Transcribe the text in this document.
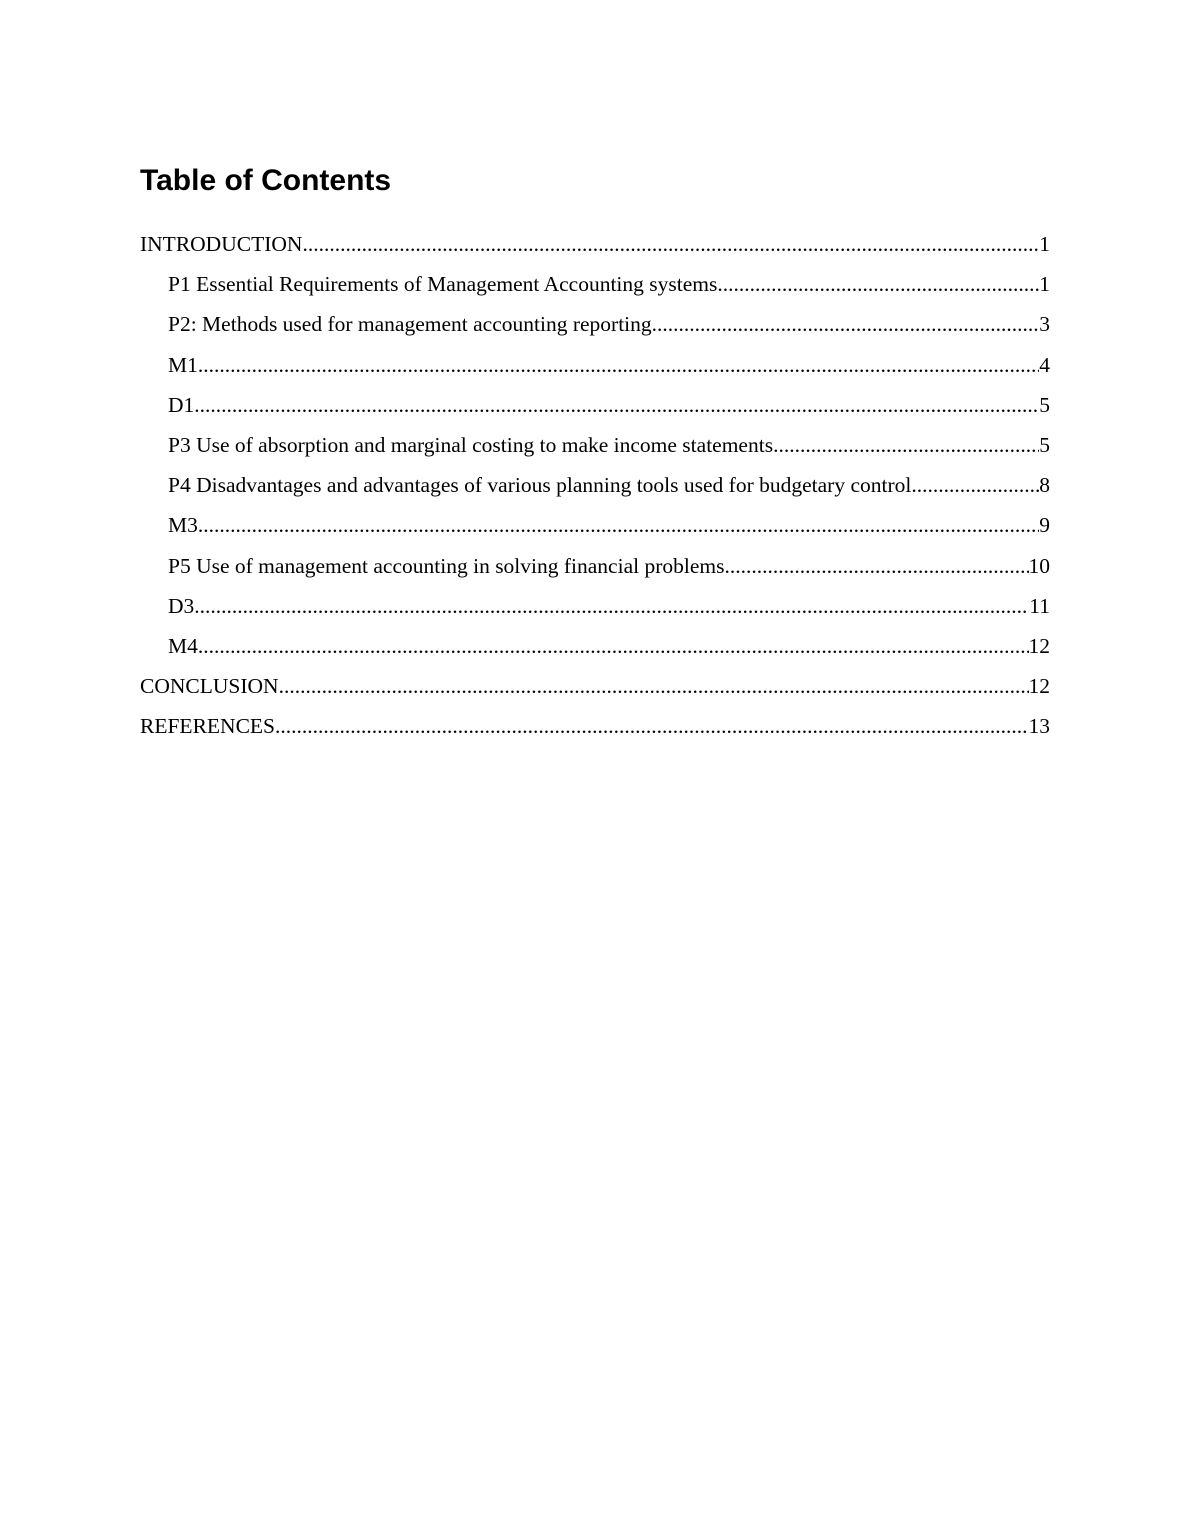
Table of Contents
INTRODUCTION .....	1
P1 Essential Requirements of Management Accounting systems .....	1
P2: Methods used for management accounting reporting .....	3
M1 .....	4
D1 .....	5
P3 Use of absorption and marginal costing to make income statements .....	5
P4 Disadvantages and advantages of various planning tools used for budgetary control .....	8
M3 .....	9
P5 Use of management accounting in solving financial problems .....	10
D3 .....	11
M4 .....	12
CONCLUSION .....	12
REFERENCES .....	13
